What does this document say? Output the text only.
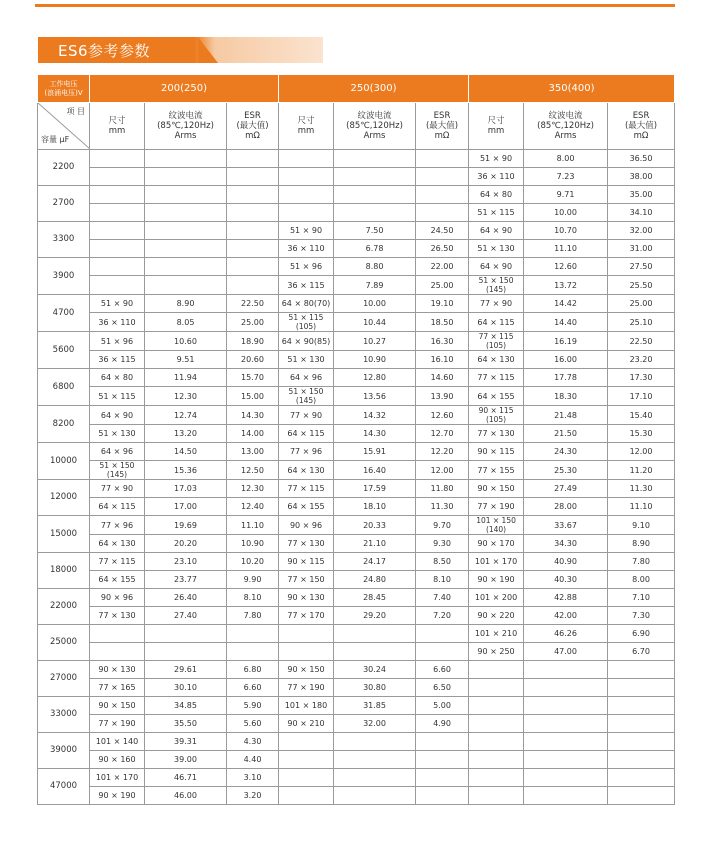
ES6参考参数
工作电压
(浪涌电压)V	200(250)			250(300)			350(400)		

项 目
容量 μF	尺寸
mm	纹波电流
(85℃,120Hz)
Arms	ESR
(最大值)
mΩ	尺寸
mm	纹波电流
(85℃,120Hz)
Arms	ESR
(最大值)
mΩ	尺寸
mm	纹波电流
(85℃,120Hz)
Arms	ESR
(最大值)
mΩ
2200							51 × 90	8.00	36.50
							36 × 110	7.23	38.00
2700							64 × 80	9.71	35.00
							51 × 115	10.00	34.10
3300				51 × 90	7.50	24.50	64 × 90	10.70	32.00
				36 × 110	6.78	26.50	51 × 130	11.10	31.00
3900				51 × 96	8.80	22.00	64 × 90	12.60	27.50
				36 × 115	7.89	25.00	51 × 150
(145)	13.72	25.50
4700	51 × 90	8.90	22.50	64 × 80(70)	10.00	19.10	77 × 90	14.42	25.00
	36 × 110	8.05	25.00	51 × 115
(105)	10.44	18.50	64 × 115	14.40	25.10
5600	51 × 96	10.60	18.90	64 × 90(85)	10.27	16.30	77 × 115
(105)	16.19	22.50
	36 × 115	9.51	20.60	51 × 130	10.90	16.10	64 × 130	16.00	23.20
6800	64 × 80	11.94	15.70	64 × 96	12.80	14.60	77 × 115	17.78	17.30
	51 × 115	12.30	15.00	51 × 150
(145)	13.56	13.90	64 × 155	18.30	17.10
8200	64 × 90	12.74	14.30	77 × 90	14.32	12.60	90 × 115
(105)	21.48	15.40
	51 × 130	13.20	14.00	64 × 115	14.30	12.70	77 × 130	21.50	15.30
10000	64 × 96	14.50	13.00	77 × 96	15.91	12.20	90 × 115	24.30	12.00
	51 × 150
(145)	15.36	12.50	64 × 130	16.40	12.00	77 × 155	25.30	11.20
12000	77 × 90	17.03	12.30	77 × 115	17.59	11.80	90 × 150	27.49	11.30
	64 × 115	17.00	12.40	64 × 155	18.10	11.30	77 × 190	28.00	11.10
15000	77 × 96	19.69	11.10	90 × 96	20.33	9.70	101 × 150
(140)	33.67	9.10
	64 × 130	20.20	10.90	77 × 130	21.10	9.30	90 × 170	34.30	8.90
18000	77 × 115	23.10	10.20	90 × 115	24.17	8.50	101 × 170	40.90	7.80
	64 × 155	23.77	9.90	77 × 150	24.80	8.10	90 × 190	40.30	8.00
22000	90 × 96	26.40	8.10	90 × 130	28.45	7.40	101 × 200	42.88	7.10
	77 × 130	27.40	7.80	77 × 170	29.20	7.20	90 × 220	42.00	7.30
25000							101 × 210	46.26	6.90
							90 × 250	47.00	6.70
27000	90 × 130	29.61	6.80	90 × 150	30.24	6.60			
	77 × 165	30.10	6.60	77 × 190	30.80	6.50			
33000	90 × 150	34.85	5.90	101 × 180	31.85	5.00			
	77 × 190	35.50	5.60	90 × 210	32.00	4.90			
39000	101 × 140	39.31	4.30						
	90 × 160	39.00	4.40						
47000	101 × 170	46.71	3.10						
	90 × 190	46.00	3.20						
